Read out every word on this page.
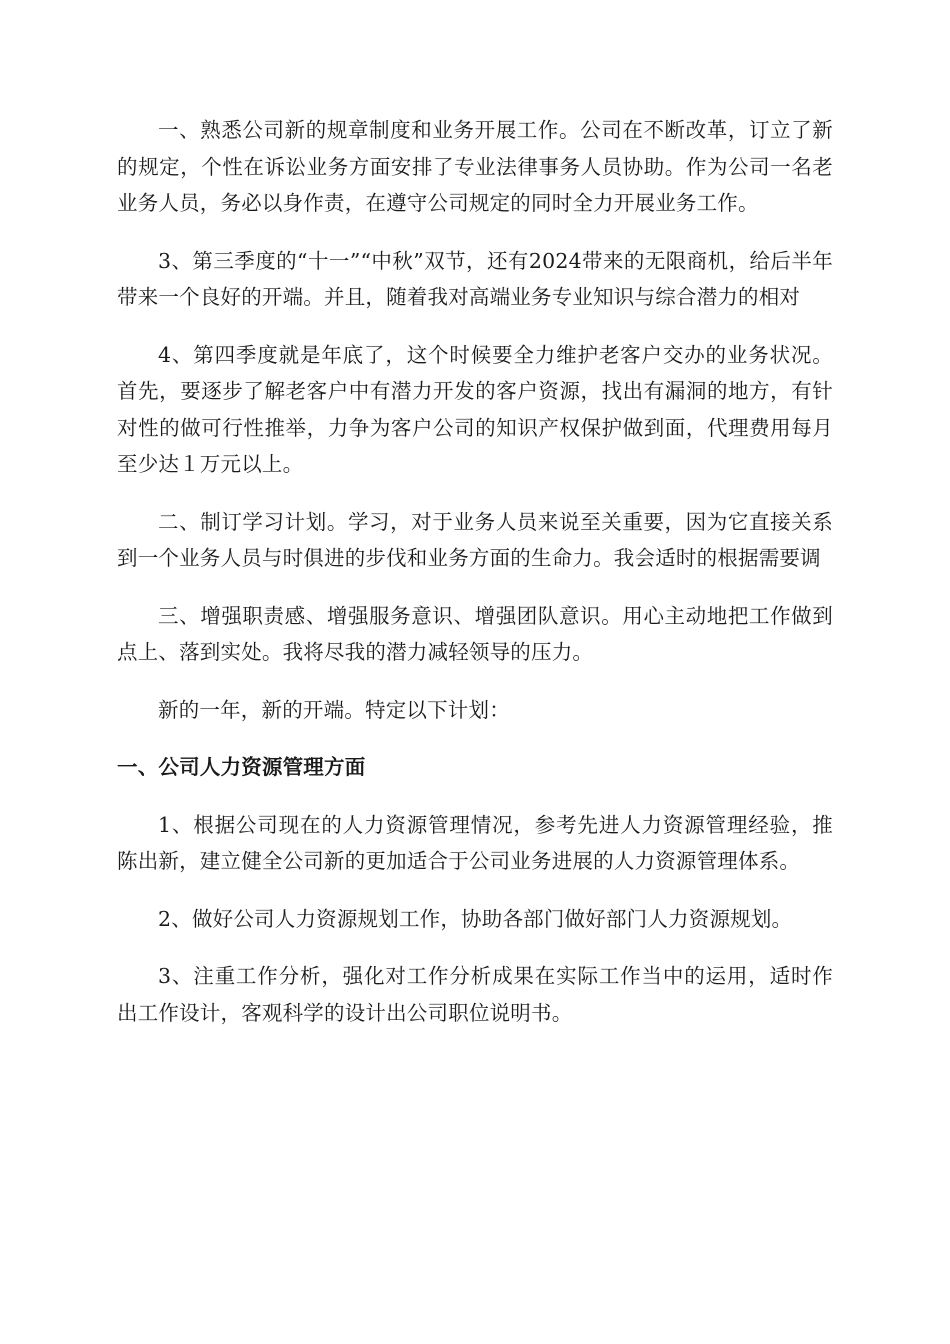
一、熟悉公司新的规章制度和业务开展工作。公司在不断改革，订立了新的规定，个性在诉讼业务方面安排了专业法律事务人员协助。作为公司一名老业务人员，务必以身作责，在遵守公司规定的同时全力开展业务工作。

3、第三季度的“十一”“中秋”双节，还有2024带来的无限商机，给后半年带来一个良好的开端。并且，随着我对高端业务专业知识与综合潜力的相对

4、第四季度就是年底了，这个时候要全力维护老客户交办的业务状况。首先，要逐步了解老客户中有潜力开发的客户资源，找出有漏洞的地方，有针对性的做可行性推举，力争为客户公司的知识产权保护做到面，代理费用每月至少达１万元以上。

二、制订学习计划。学习，对于业务人员来说至关重要，因为它直接关系到一个业务人员与时俱进的步伐和业务方面的生命力。我会适时的根据需要调

三、增强职责感、增强服务意识、增强团队意识。用心主动地把工作做到点上、落到实处。我将尽我的潜力减轻领导的压力。

新的一年，新的开端。特定以下计划：

一、公司人力资源管理方面

1、根据公司现在的人力资源管理情况，参考先进人力资源管理经验，推陈出新，建立健全公司新的更加适合于公司业务进展的人力资源管理体系。

2、做好公司人力资源规划工作，协助各部门做好部门人力资源规划。

3、注重工作分析，强化对工作分析成果在实际工作当中的运用，适时作出工作设计，客观科学的设计出公司职位说明书。
